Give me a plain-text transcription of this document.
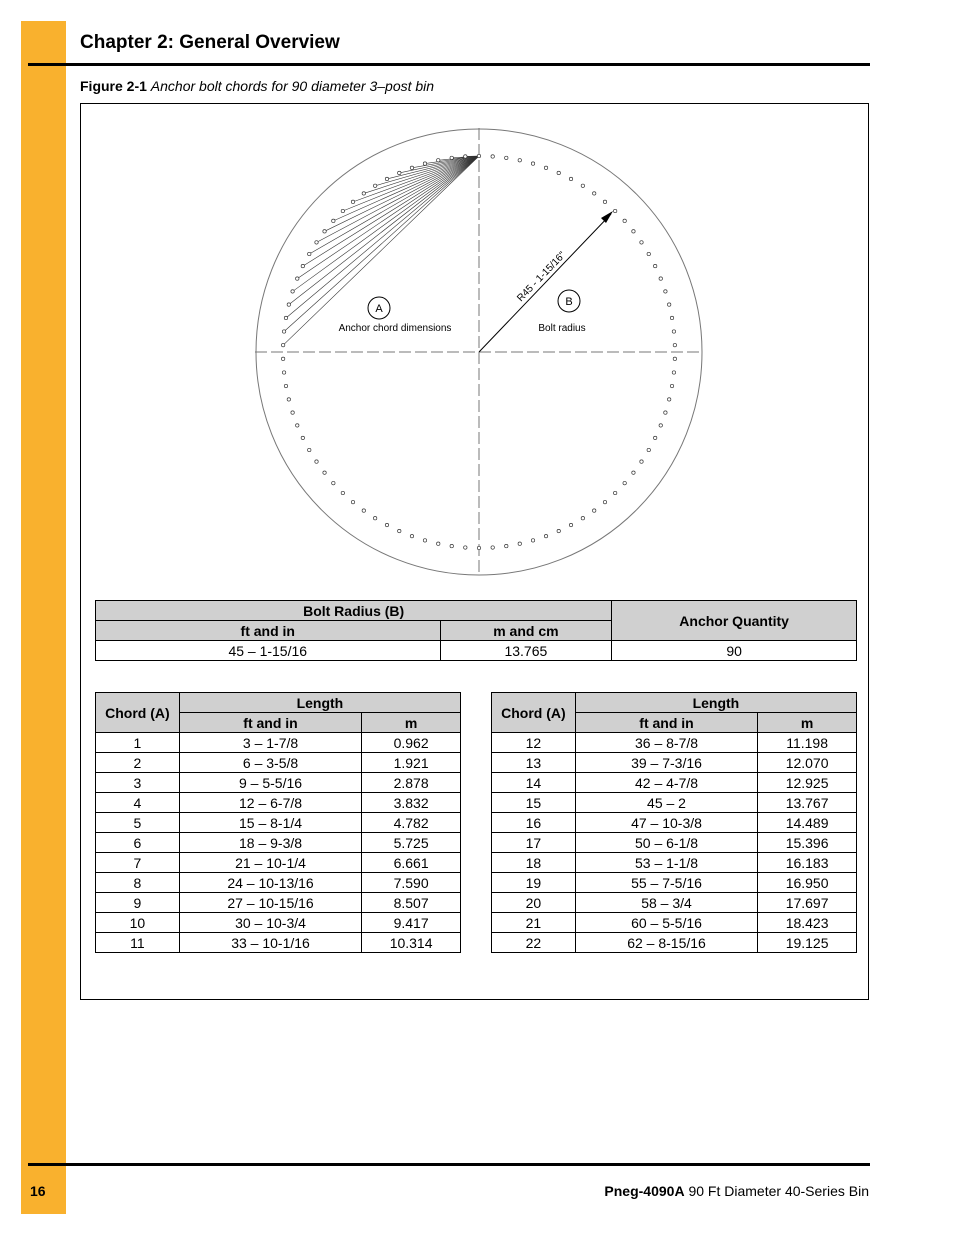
Chapter 2: General Overview
Figure 2-1 Anchor bolt chords for 90 diameter 3–post bin
R45 - 1-15/16"
A
Anchor chord dimensions
B
Bolt radius
Bolt Radius (B)		Anchor Quantity
ft and in	m and cm	
45 – 1-15/16	13.765	90
Chord (A)	Length	
	ft and in	m
1	3 – 1-7/8	0.962
2	6 – 3-5/8	1.921
3	9 – 5-5/16	2.878
4	12 – 6-7/8	3.832
5	15 – 8-1/4	4.782
6	18 – 9-3/8	5.725
7	21 – 10-1/4	6.661
8	24 – 10-13/16	7.590
9	27 – 10-15/16	8.507
10	30 – 10-3/4	9.417
11	33 – 10-1/16	10.314
Chord (A)	Length	
	ft and in	m
12	36 – 8-7/8	11.198
13	39 – 7-3/16	12.070
14	42 – 4-7/8	12.925
15	45 – 2	13.767
16	47 – 10-3/8	14.489
17	50 – 6-1/8	15.396
18	53 – 1-1/8	16.183
19	55 – 7-5/16	16.950
20	58 – 3/4	17.697
21	60 – 5-5/16	18.423
22	62 – 8-15/16	19.125
16	Pneg-4090A 90 Ft Diameter 40-Series Bin
